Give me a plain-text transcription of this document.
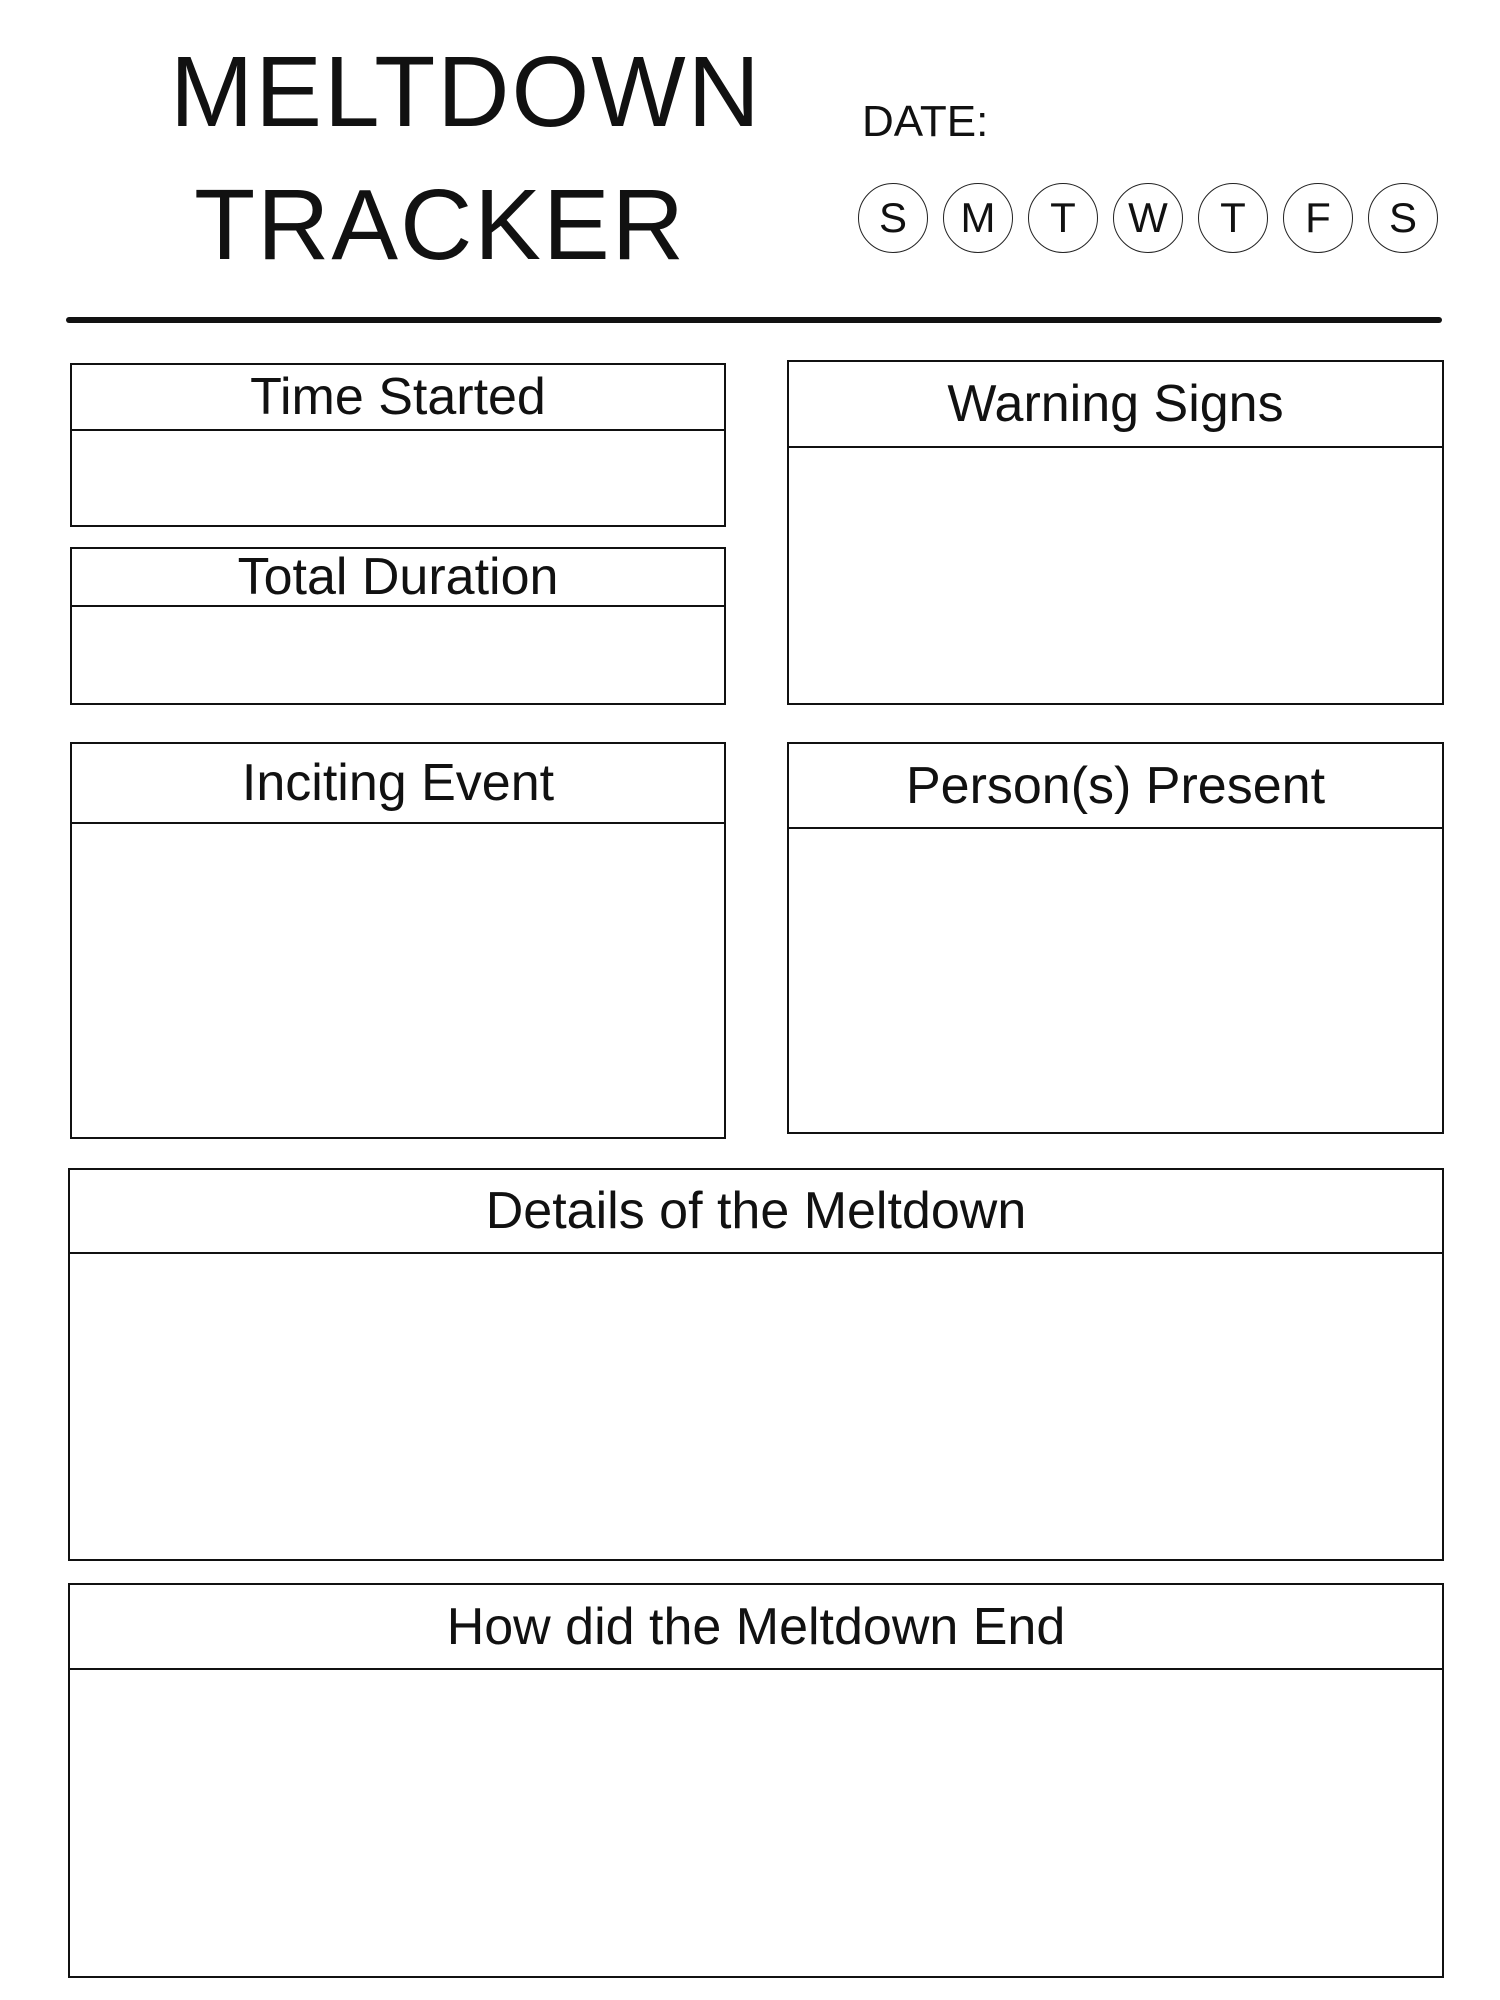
MELTDOWN
TRACKER
DATE:
S	M	T	W	T	F	S
Time Started
Total Duration
Warning Signs
Inciting Event	Person(s) Present
Details of the Meltdown
How did the Meltdown End
